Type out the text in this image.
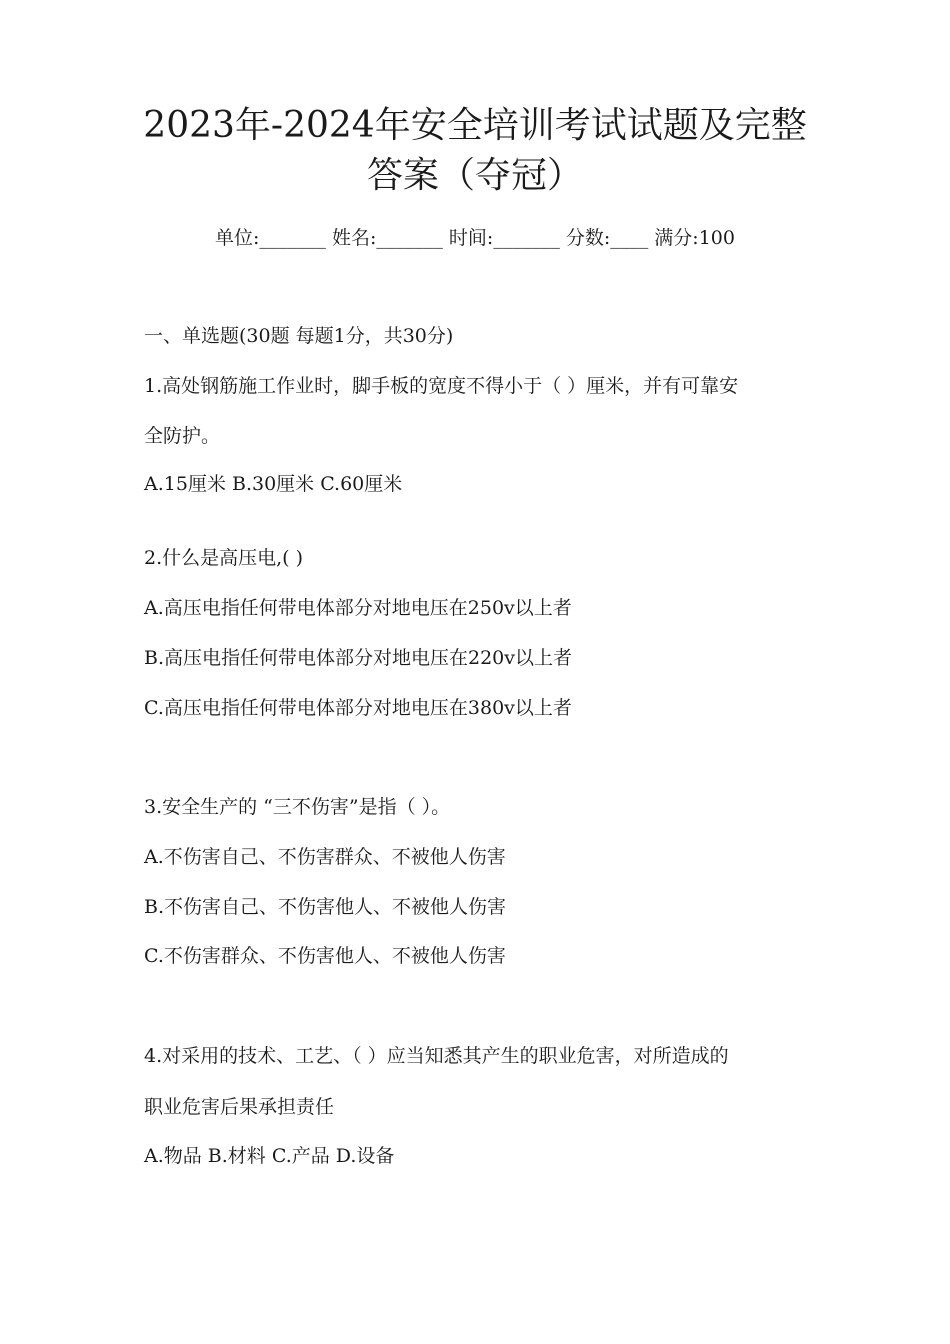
2023年-2024年安全培训考试试题及完整
答案（夺冠）
单位:_______ 姓名:_______ 时间:_______ 分数:____ 满分:100
一、单选题(30题 每题1分，共30分)
1.高处钢筋施工作业时，脚手板的宽度不得小于（ ）厘米，并有可靠安
全防护。
A.15厘米 B.30厘米 C.60厘米
2.什么是高压电,( )
A.高压电指任何带电体部分对地电压在250v以上者
B.高压电指任何带电体部分对地电压在220v以上者
C.高压电指任何带电体部分对地电压在380v以上者
3.安全生产的 “三不伤害”是指（ ）。
A.不伤害自己、不伤害群众、不被他人伤害
B.不伤害自己、不伤害他人、不被他人伤害
C.不伤害群众、不伤害他人、不被他人伤害
4.对采用的技术、工艺、（ ）应当知悉其产生的职业危害，对所造成的
职业危害后果承担责任
A.物品 B.材料 C.产品 D.设备
